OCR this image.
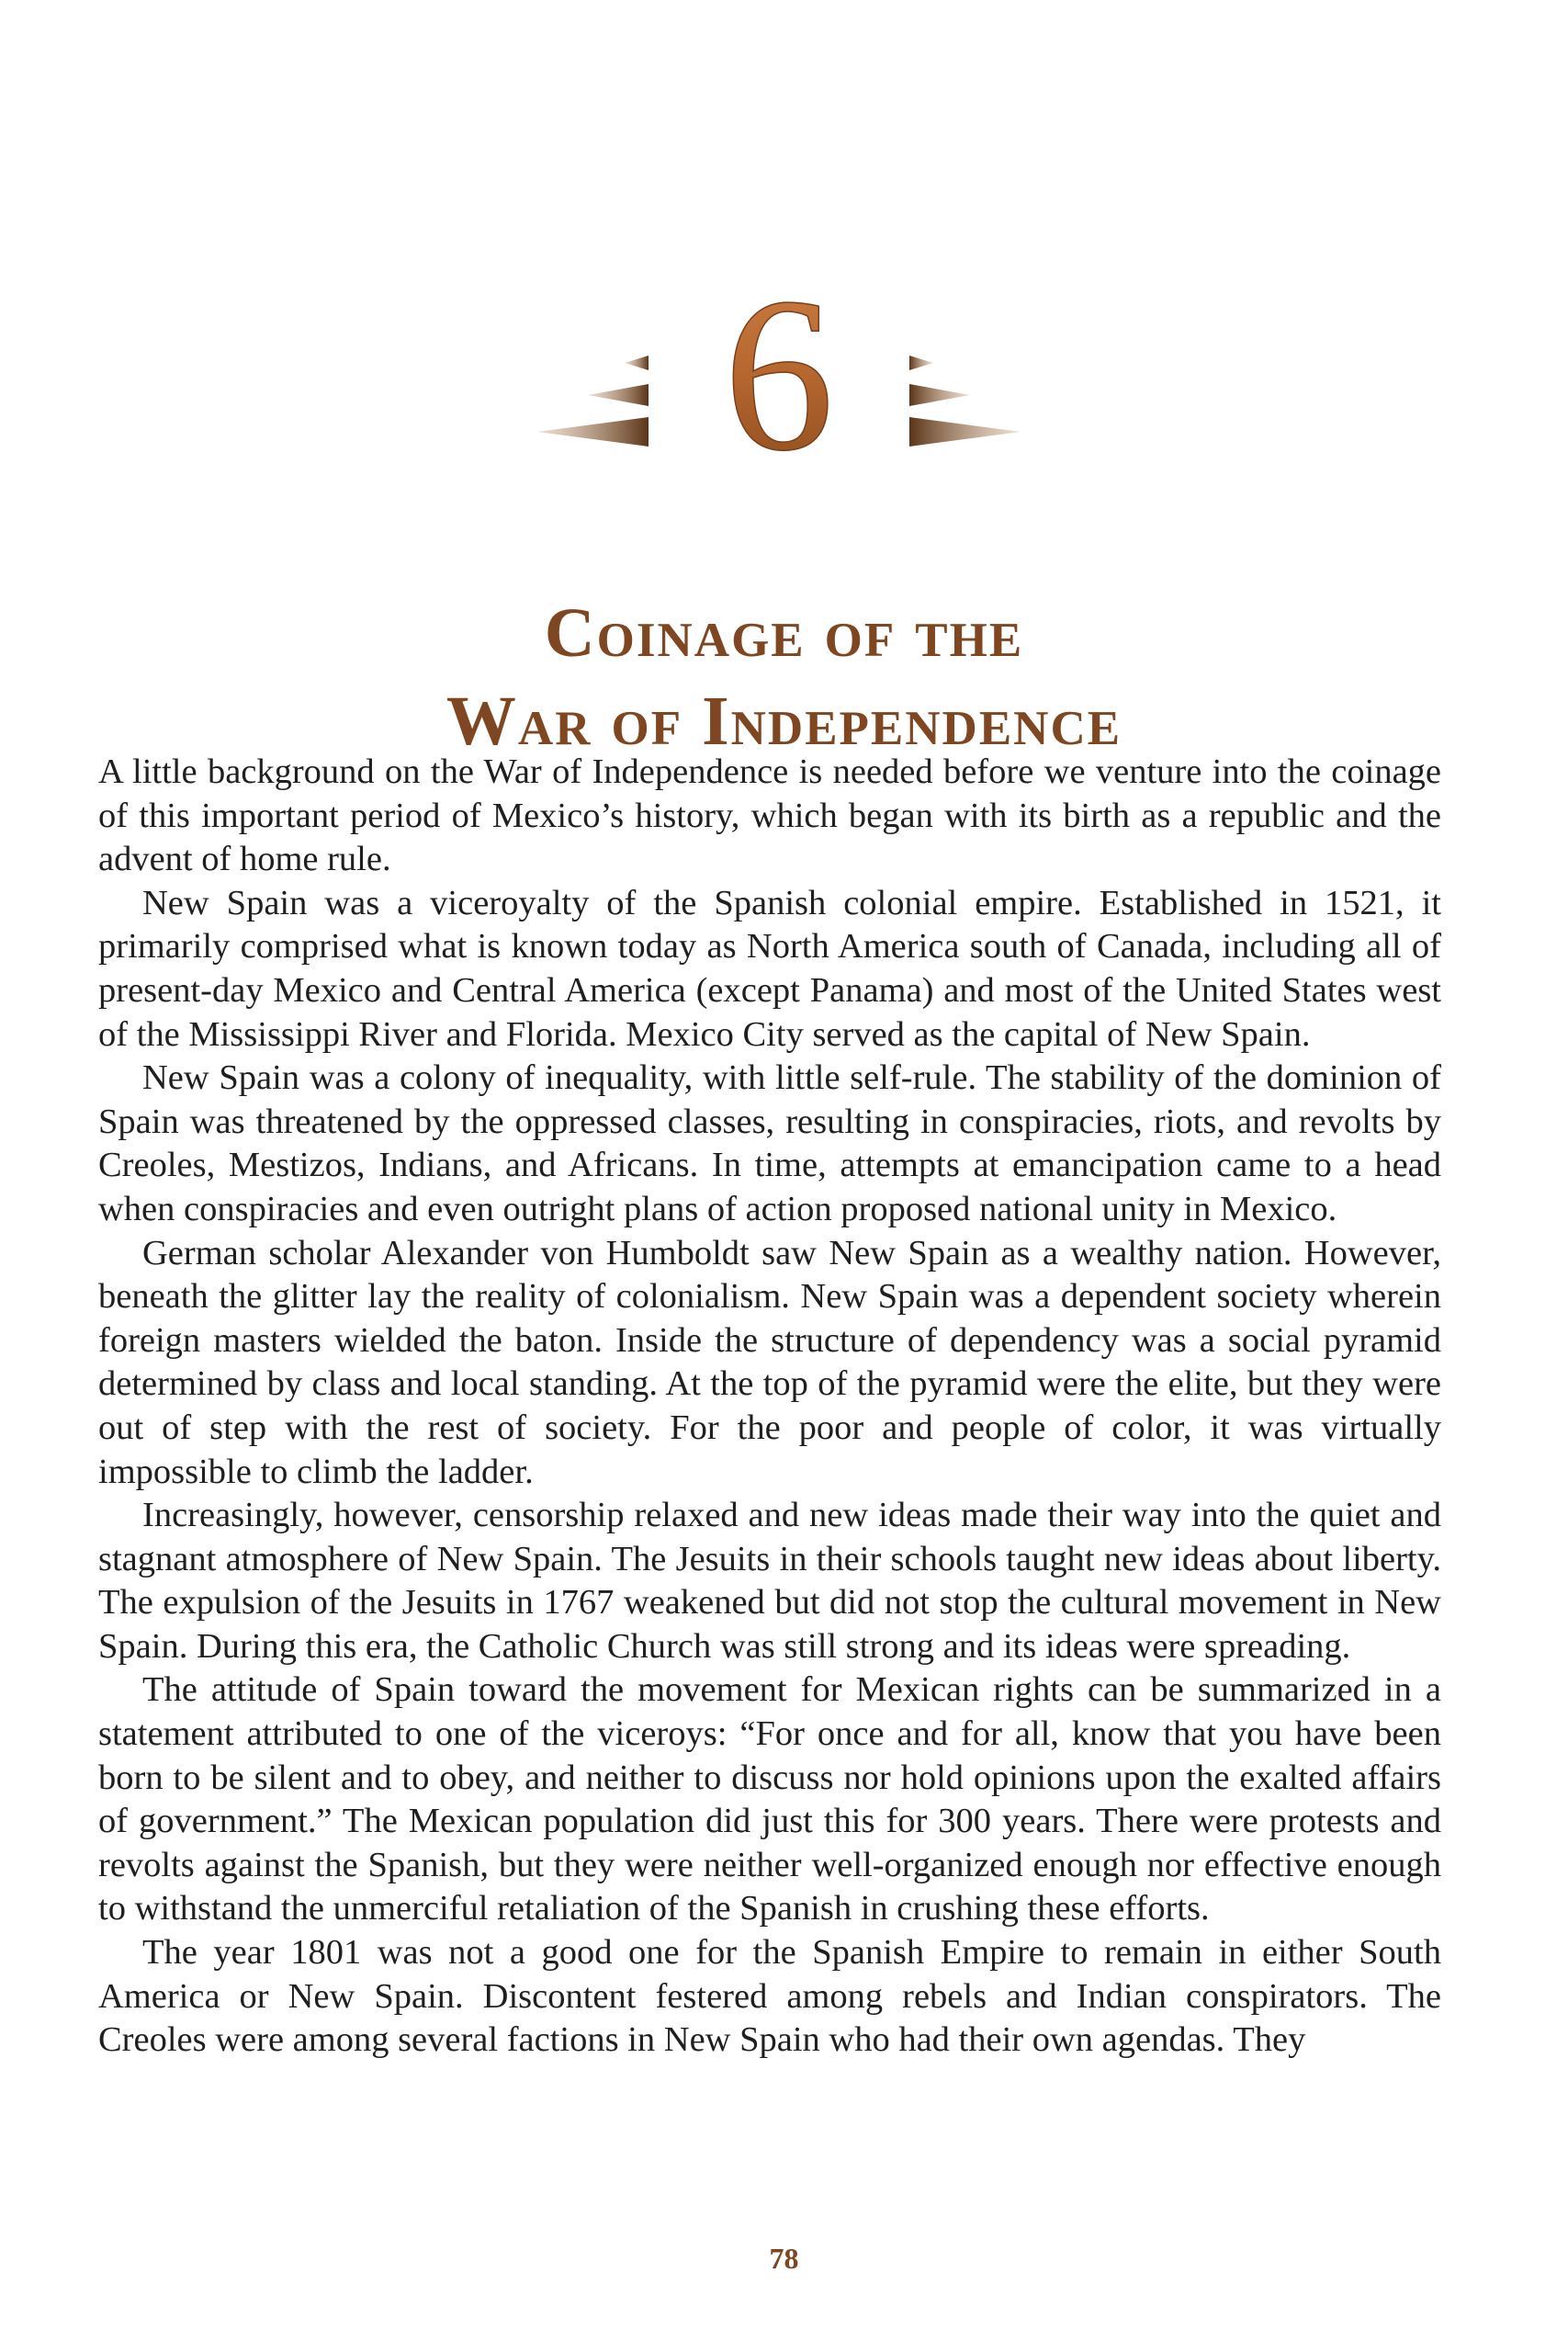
6
Coinage of the
War of Independence

A little background on the War of Independence is needed before we venture into the coinage of this important period of Mexico’s history, which began with its birth as a republic and the advent of home rule.

New Spain was a viceroyalty of the Spanish colonial empire. Established in 1521, it primarily comprised what is known today as North America south of Canada, including all of present-day Mexico and Central America (except Panama) and most of the United States west of the Mississippi River and Florida. Mexico City served as the capital of New Spain.

New Spain was a colony of inequality, with little self-rule. The stability of the dominion of Spain was threatened by the oppressed classes, resulting in conspiracies, riots, and revolts by Creoles, Mestizos, Indians, and Africans. In time, attempts at emancipation came to a head when conspiracies and even outright plans of action proposed national unity in Mexico.

German scholar Alexander von Humboldt saw New Spain as a wealthy nation. However, beneath the glitter lay the reality of colonialism. New Spain was a dependent society wherein foreign masters wielded the baton. Inside the structure of dependency was a social pyramid determined by class and local standing. At the top of the pyramid were the elite, but they were out of step with the rest of society. For the poor and people of color, it was virtually impossible to climb the ladder.

Increasingly, however, censorship relaxed and new ideas made their way into the quiet and stagnant atmosphere of New Spain. The Jesuits in their schools taught new ideas about liberty. The expulsion of the Jesuits in 1767 weakened but did not stop the cultural movement in New Spain. During this era, the Catholic Church was still strong and its ideas were spreading.

The attitude of Spain toward the movement for Mexican rights can be summarized in a statement attributed to one of the viceroys: “For once and for all, know that you have been born to be silent and to obey, and neither to discuss nor hold opinions upon the exalted affairs of government.” The Mexican population did just this for 300 years. There were protests and revolts against the Spanish, but they were neither well-organized enough nor effective enough to withstand the unmerciful retaliation of the Spanish in crushing these efforts.

The year 1801 was not a good one for the Spanish Empire to remain in either South America or New Spain. Discontent festered among rebels and Indian conspirators. The Creoles were among several factions in New Spain who had their own agendas. They

78
